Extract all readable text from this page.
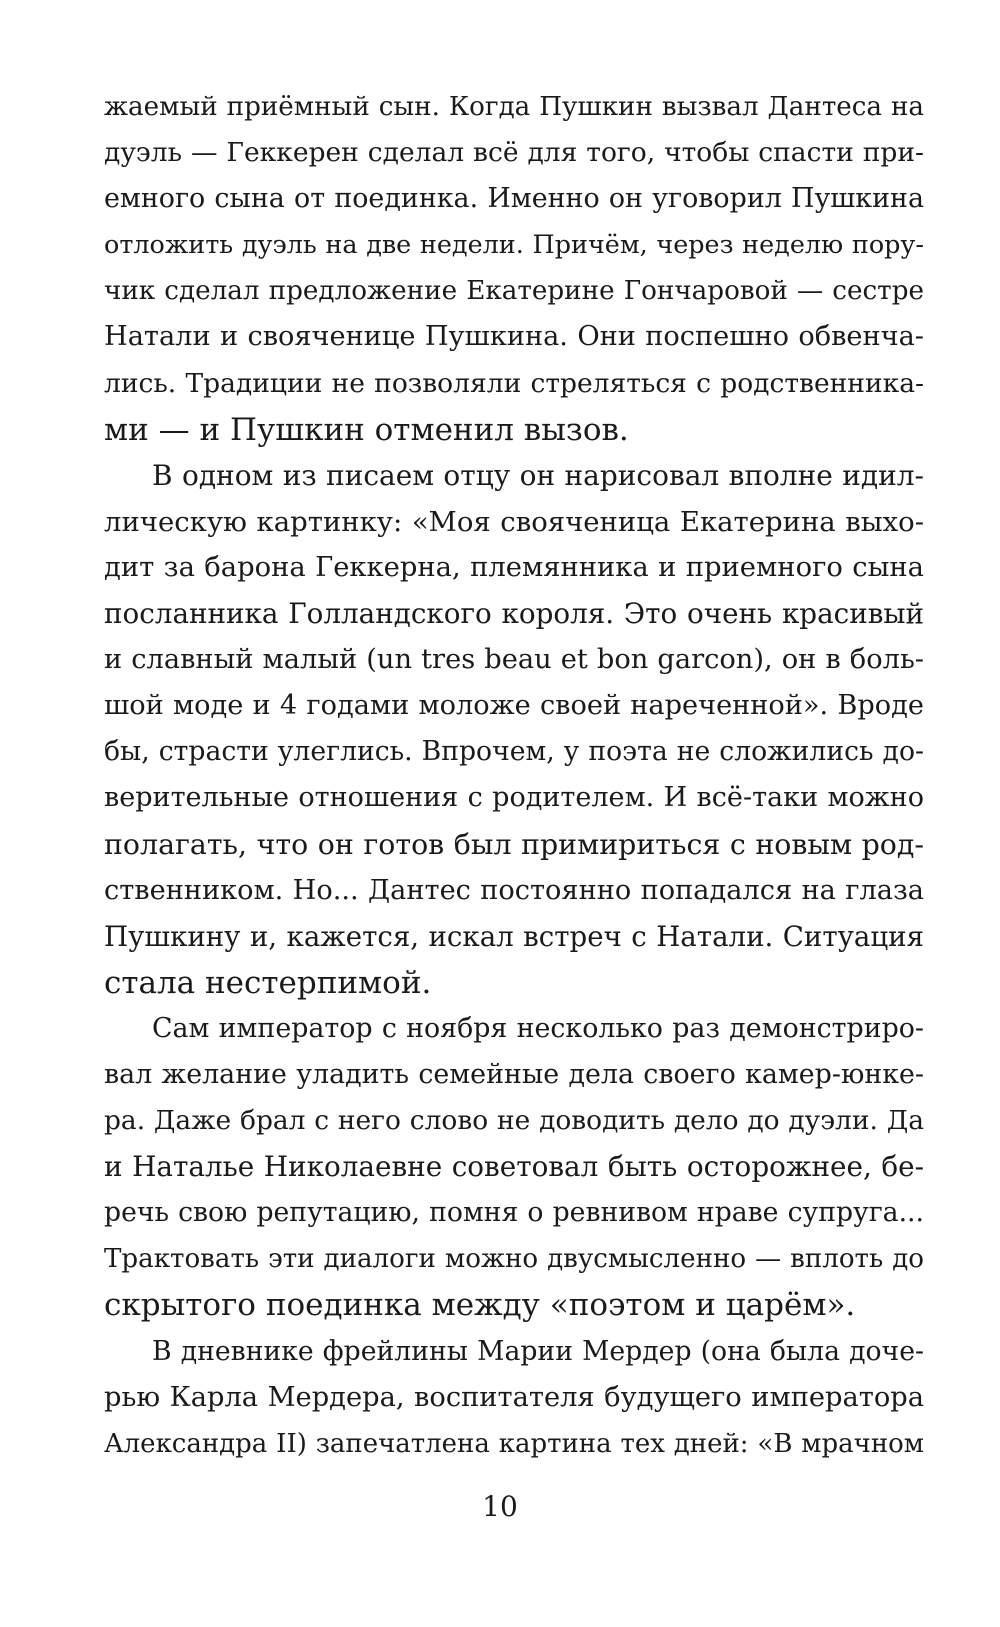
жаемый приёмный сын. Когда Пушкин вызвал Дантеса на
дуэль — Геккерен сделал всё для того, чтобы спасти при-
емного сына от поединка. Именно он уговорил Пушкина
отложить дуэль на две недели. Причём, через неделю пору-
чик сделал предложение Екатерине Гончаровой — сестре
Натали и свояченице Пушкина. Они поспешно обвенча-
лись. Традиции не позволяли стреляться с родственника-
ми — и Пушкин отменил вызов.
В одном из писаем отцу он нарисовал вполне идил-
лическую картинку: «Моя свояченица Екатерина выхо-
дит за барона Геккерна, племянника и приемного сына
посланника Голландского короля. Это очень красивый
и славный малый (un tres beau et bon garcon), он в боль-
шой моде и 4 годами моложе своей нареченной». Вроде
бы, страсти улеглись. Впрочем, у поэта не сложились до-
верительные отношения с родителем. И всё-таки можно
полагать, что он готов был примириться с новым род-
ственником. Но... Дантес постоянно попадался на глаза
Пушкину и, кажется, искал встреч с Натали. Ситуация
стала нестерпимой.
Сам император с ноября несколько раз демонстриро-
вал желание уладить семейные дела своего камер-юнке-
ра. Даже брал с него слово не доводить дело до дуэли. Да
и Наталье Николаевне советовал быть осторожнее, бе-
речь свою репутацию, помня о ревнивом нраве супруга...
Трактовать эти диалоги можно двусмысленно — вплоть до
скрытого поединка между «поэтом и царём».
В дневнике фрейлины Марии Мердер (она была доче-
рью Карла Мердера, воспитателя будущего императора
Александра II) запечатлена картина тех дней: «В мрачном
10
